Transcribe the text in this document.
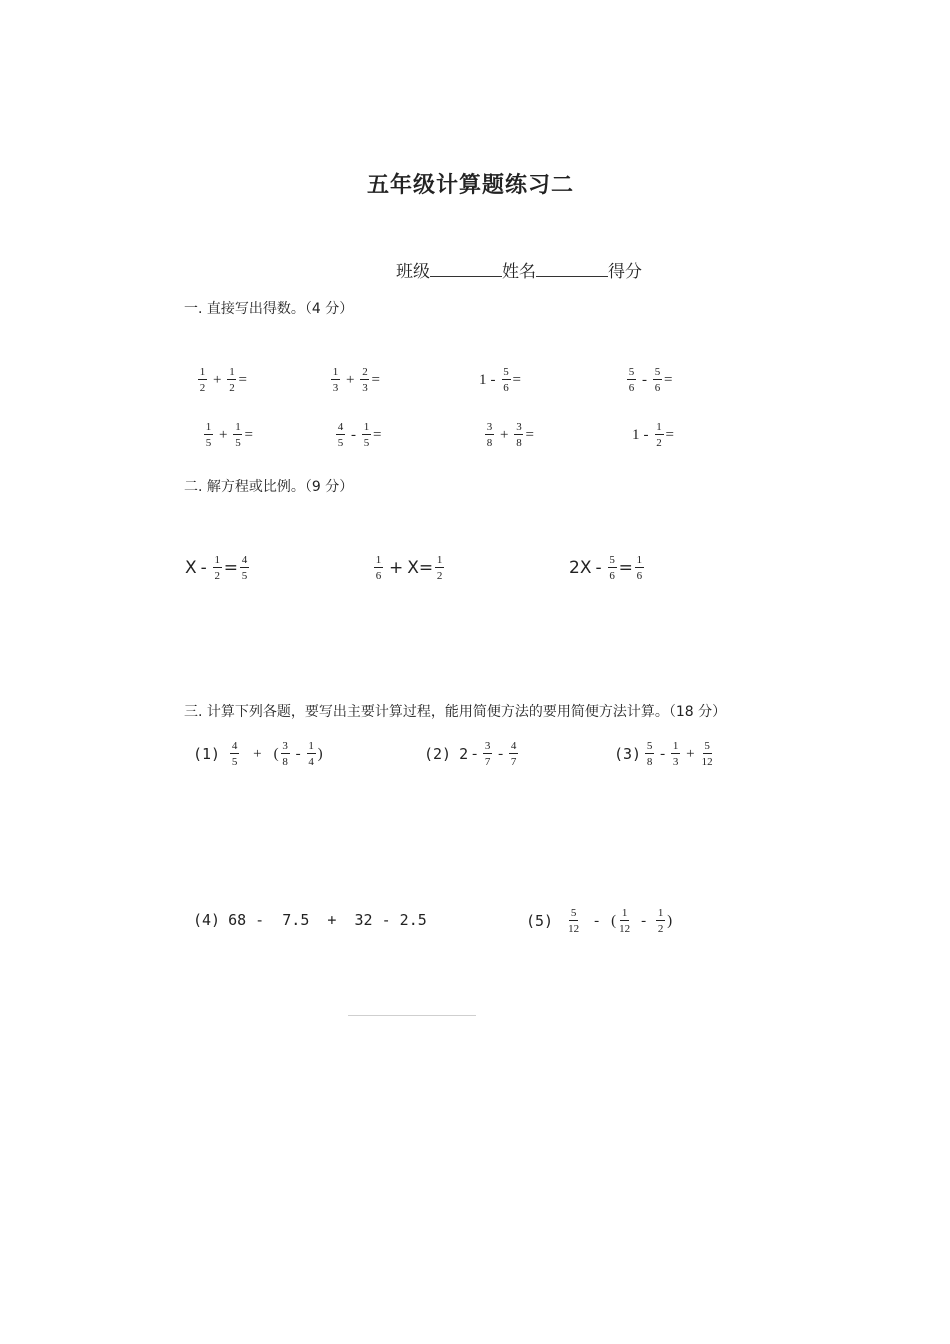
五年级计算题练习二
班级	姓名	得分
一. 直接写出得数。（4 分）
$\frac{1}{2} + \frac{1}{2}$ =	$\frac{1}{3} + \frac{2}{3}$ =	$1 - \frac{5}{6}$ =	$\frac{5}{6} - \frac{5}{6}$ =
$\frac{1}{5} + \frac{1}{5}$ =	$\frac{4}{5} - \frac{1}{5}$ =	$\frac{3}{8} + \frac{3}{8}$ =	$1 - \frac{1}{2}$ =
二. 解方程或比例。（9 分）
$X - \frac{1}{2} = \frac{4}{5}$	$\frac{1}{6} + X = \frac{1}{2}$	$2X - \frac{5}{6} = \frac{1}{6}$
三. 计算下列各题，要写出主要计算过程，能用简便方法的要用简便方法计算。（18 分）
$(1) \frac{4}{5}$ + ( $\frac{3}{8} - \frac{1}{4}$ )	(2) $2 - \frac{3}{7} - \frac{4}{7}$	$(3) \frac{5}{8} - \frac{1}{3} + \frac{5}{12}$
(4) 68 -  7.5  +  32 - 2.5	$(5) \frac{5}{12}$ - ( $\frac{1}{12} - \frac{1}{2}$ )
